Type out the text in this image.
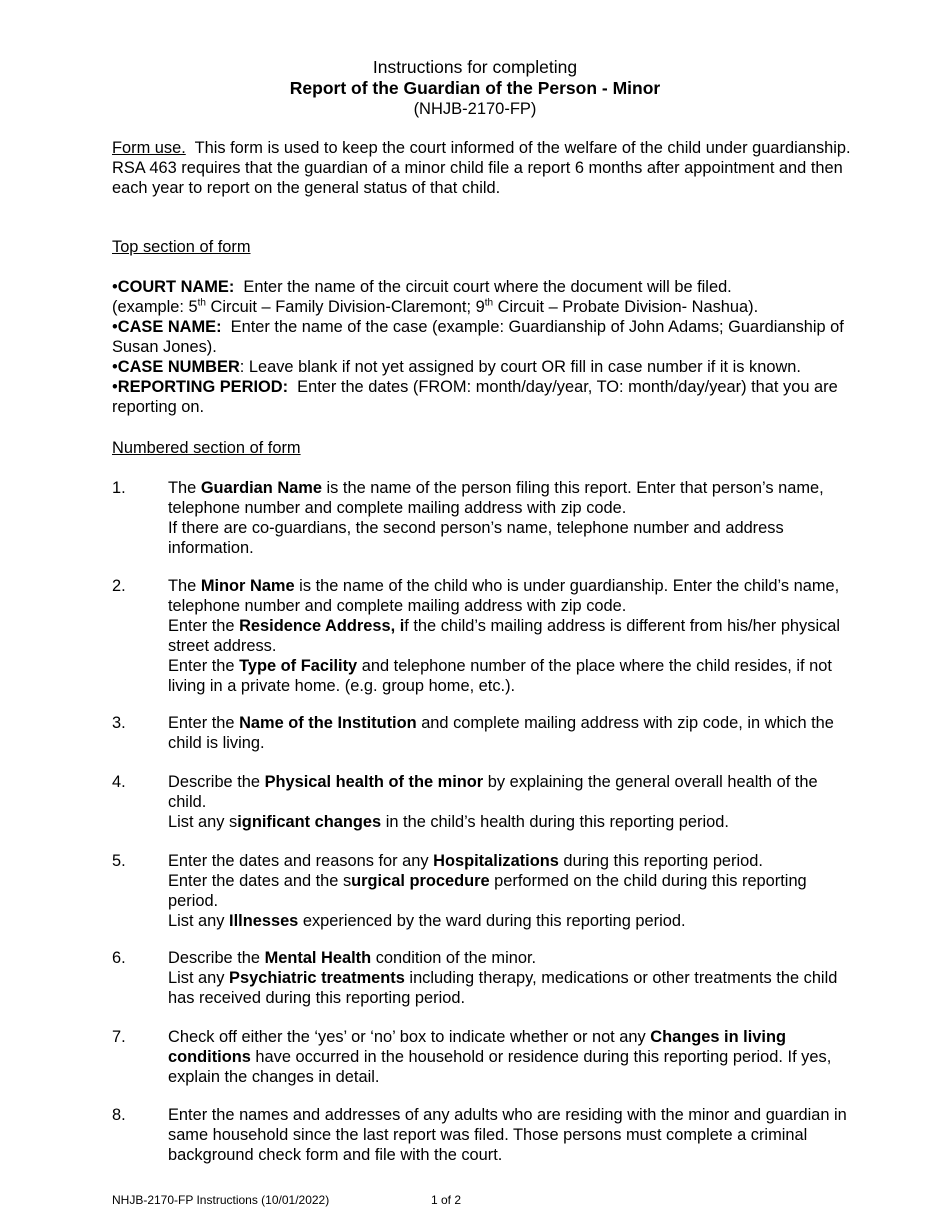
Instructions for completing
Report of the Guardian of the Person - Minor
(NHJB-2170-FP)
Form use. This form is used to keep the court informed of the welfare of the child under guardianship. RSA 463 requires that the guardian of a minor child file a report 6 months after appointment and then each year to report on the general status of that child.
Top section of form
•COURT NAME: Enter the name of the circuit court where the document will be filed.
(example: 5th Circuit – Family Division-Claremont; 9th Circuit – Probate Division- Nashua).
•CASE NAME: Enter the name of the case (example: Guardianship of John Adams; Guardianship of Susan Jones).
•CASE NUMBER: Leave blank if not yet assigned by court OR fill in case number if it is known.
•REPORTING PERIOD: Enter the dates (FROM: month/day/year, TO: month/day/year) that you are reporting on.
Numbered section of form
1.	The Guardian Name is the name of the person filing this report. Enter that person’s name, telephone number and complete mailing address with zip code.
If there are co-guardians, the second person’s name, telephone number and address information.
2.	The Minor Name is the name of the child who is under guardianship. Enter the child’s name, telephone number and complete mailing address with zip code.
Enter the Residence Address, if the child’s mailing address is different from his/her physical street address.
Enter the Type of Facility and telephone number of the place where the child resides, if not living in a private home. (e.g. group home, etc.).
3.	Enter the Name of the Institution and complete mailing address with zip code, in which the child is living.
4.	Describe the Physical health of the minor by explaining the general overall health of the child.
List any significant changes in the child’s health during this reporting period.
5.	Enter the dates and reasons for any Hospitalizations during this reporting period.
Enter the dates and the surgical procedure performed on the child during this reporting period.
List any Illnesses experienced by the ward during this reporting period.
6.	Describe the Mental Health condition of the minor.
List any Psychiatric treatments including therapy, medications or other treatments the child has received during this reporting period.
7.	Check off either the ‘yes’ or ‘no’ box to indicate whether or not any Changes in living conditions have occurred in the household or residence during this reporting period. If yes, explain the changes in detail.
8.	Enter the names and addresses of any adults who are residing with the minor and guardian in same household since the last report was filed. Those persons must complete a criminal background check form and file with the court.
NHJB-2170-FP Instructions (10/01/2022)	1 of 2
